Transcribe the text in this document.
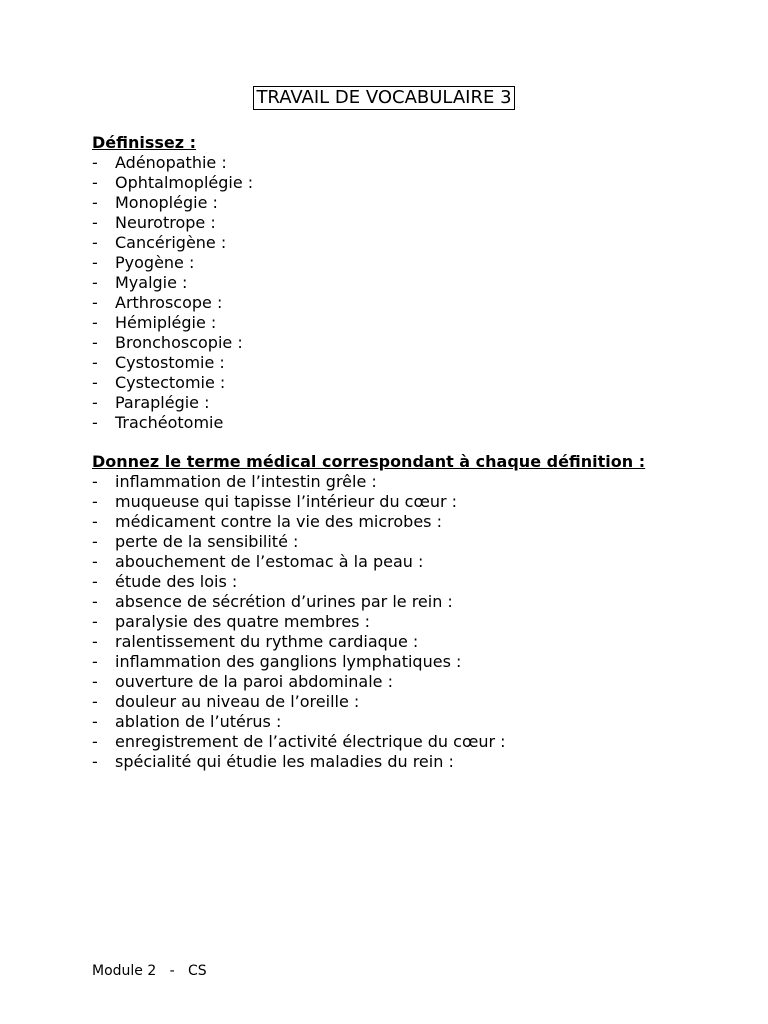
TRAVAIL DE VOCABULAIRE 3
Définissez :
-	Adénopathie :
-	Ophtalmoplégie :
-	Monoplégie :
-	Neurotrope :
-	Cancérigène :
-	Pyogène :
-	Myalgie :
-	Arthroscope :
-	Hémiplégie :
-	Bronchoscopie :
-	Cystostomie :
-	Cystectomie :
-	Paraplégie :
-	Trachéotomie
Donnez le terme médical correspondant à chaque définition :
-	inflammation de l’intestin grêle :
-	muqueuse qui tapisse l’intérieur du cœur :
-	médicament contre la vie des microbes :
-	perte de la sensibilité :
-	abouchement de l’estomac à la peau :
-	étude des lois :
-	absence de sécrétion d’urines par le rein :
-	paralysie des quatre membres :
-	ralentissement du rythme cardiaque :
-	inflammation des ganglions lymphatiques :
-	ouverture de la paroi abdominale :
-	douleur au niveau de l’oreille :
-	ablation de l’utérus :
-	enregistrement de l’activité électrique du cœur :
-	spécialité qui étudie les maladies du rein :
Module 2   -   CS
